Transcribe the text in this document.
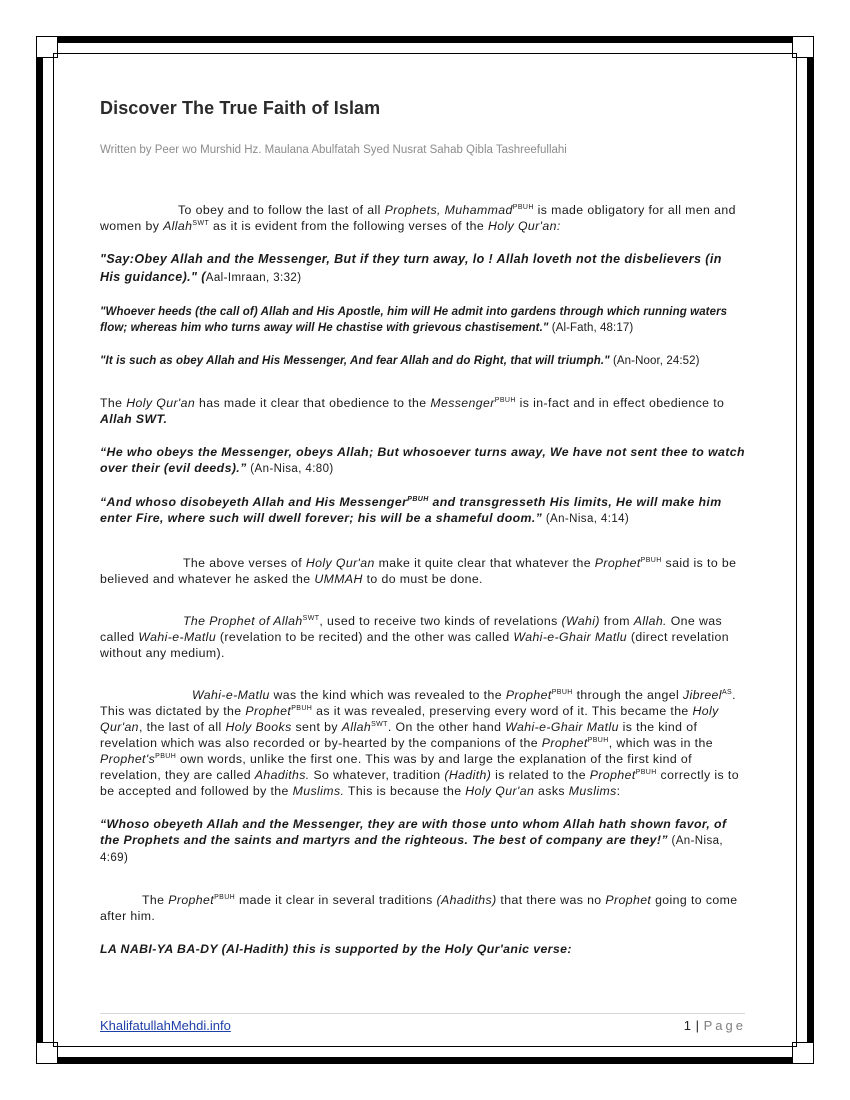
Discover The True Faith of Islam
Written by Peer wo Murshid Hz. Maulana Abulfatah Syed Nusrat Sahab Qibla Tashreefullahi

To obey and to follow the last of all Prophets, Muhammad$^{PBUH}$ is made obligatory for all men and women by Allah$^{SWT}$ as it is evident from the following verses of the Holy Qur'an:

"Say:Obey Allah and the Messenger, But if they turn away, lo ! Allah loveth not the disbelievers (in His guidance)." (Aal-Imraan, 3:32)

"Whoever heeds (the call of) Allah and His Apostle, him will He admit into gardens through which running waters flow; whereas him who turns away will He chastise with grievous chastisement." (Al-Fath, 48:17)

"It is such as obey Allah and His Messenger, And fear Allah and do Right, that will triumph." (An-Noor, 24:52)

The Holy Qur'an has made it clear that obedience to the Messenger$^{PBUH}$ is in-fact and in effect obedience to Allah SWT.

“He who obeys the Messenger, obeys Allah; But whosoever turns away, We have not sent thee to watch over their (evil deeds).” (An-Nisa, 4:80)

“And whoso disobeyeth Allah and His Messenger$^{PBUH}$ and transgresseth His limits, He will make him enter Fire, where such will dwell forever; his will be a shameful doom.” (An-Nisa, 4:14)

The above verses of Holy Qur'an make it quite clear that whatever the Prophet$^{PBUH}$ said is to be believed and whatever he asked the UMMAH to do must be done.

The Prophet of Allah$^{SWT}$, used to receive two kinds of revelations (Wahi) from Allah. One was called Wahi-e-Matlu (revelation to be recited) and the other was called Wahi-e-Ghair Matlu (direct revelation without any medium).

Wahi-e-Matlu was the kind which was revealed to the Prophet$^{PBUH}$ through the angel Jibreel$^{AS}$. This was dictated by the Prophet$^{PBUH}$ as it was revealed, preserving every word of it. This became the Holy Qur'an, the last of all Holy Books sent by Allah$^{SWT}$. On the other hand Wahi-e-Ghair Matlu is the kind of revelation which was also recorded or by-hearted by the companions of the Prophet$^{PBUH}$, which was in the $Prophet's^{PBUH}$ own words, unlike the first one. This was by and large the explanation of the first kind of revelation, they are called Ahadiths. So whatever, tradition (Hadith) is related to the Prophet$^{PBUH}$ correctly is to be accepted and followed by the Muslims. This is because the Holy Qur'an asks Muslims:

“Whoso obeyeth Allah and the Messenger, they are with those unto whom Allah hath shown favor, of the Prophets and the saints and martyrs and the righteous. The best of company are they!” (An-Nisa, 4:69)

The Prophet$^{PBUH}$ made it clear in several traditions (Ahadiths) that there was no Prophet going to come after him.

LA NABI-YA BA-DY (Al-Hadith) this is supported by the Holy Qur'anic verse:

KhalifatullahMehdi.info	1 | Page
